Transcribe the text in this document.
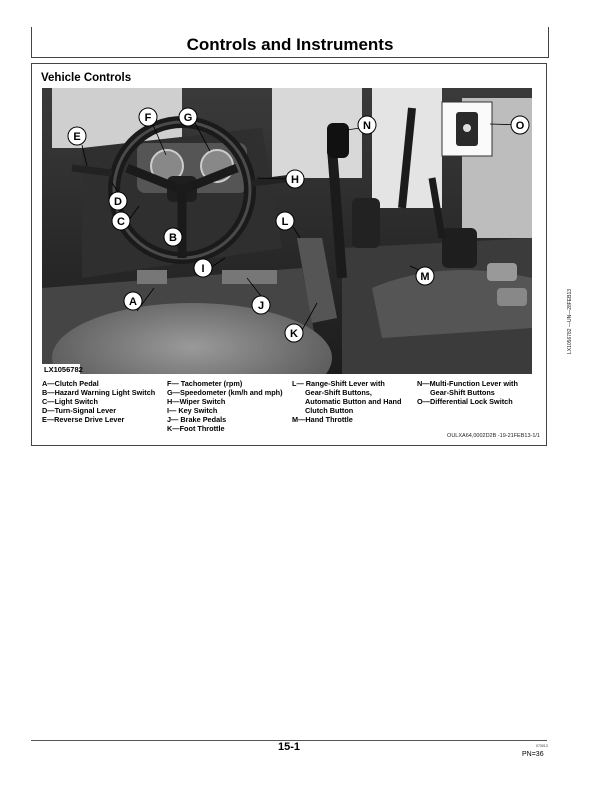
Controls and Instruments
Vehicle Controls
A
B
C
D
E
F	G
H
I
J
K
L
M
N	O
LX1056782
LX1056782 —UN—28FEB13
A—Clutch Pedal
B—Hazard Warning Light Switch
C—Light Switch
D—Turn-Signal Lever
E—Reverse Drive Lever
F— Tachometer (rpm)
G—Speedometer (km/h and mph)
H—Wiper Switch
I— Key Switch
J— Brake Pedals
K—Foot Throttle
L— Range-Shift Lever with
Gear-Shift Buttons,
Automatic Button and Hand
Clutch Button
M—Hand Throttle
N—Multi-Function Lever with
Gear-Shift Buttons
O—Differential Lock Switch
OULXA64,0002D2B -19-21FEB13-1/1
15-1	073013
PN=36
